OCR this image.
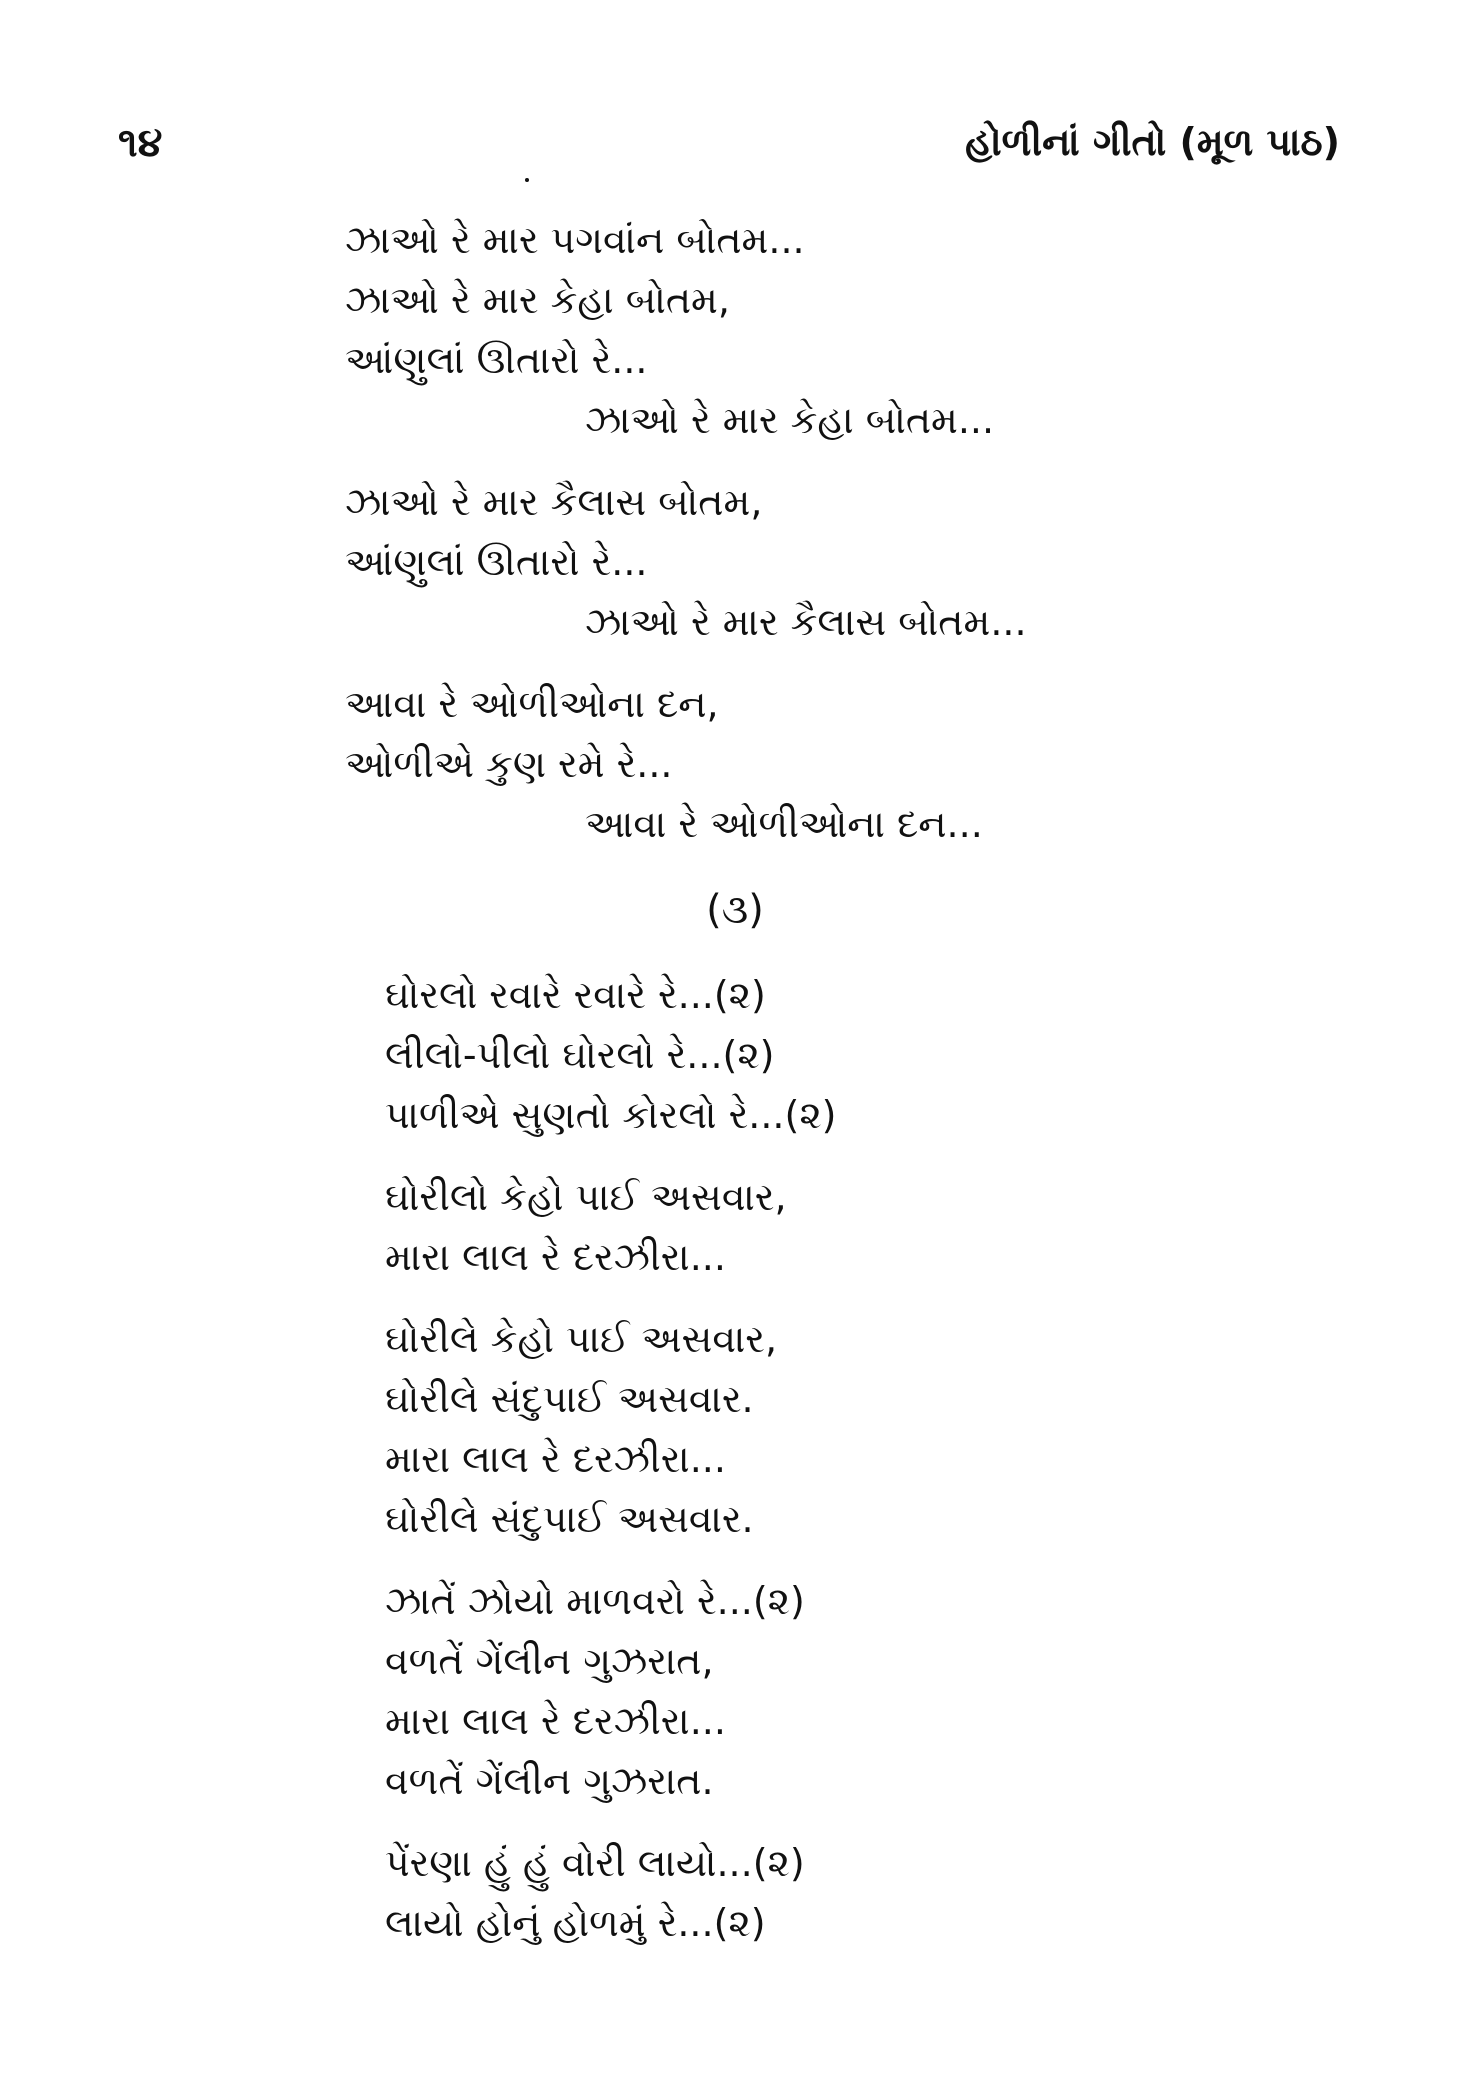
૧૪	હોળીનાં ગીતો (મૂળ પાઠ)
ઝાઓ રે માર પગવાંન બોતમ...
ઝાઓ રે માર કેહા બોતમ,
આંણુલાં ઊતારો રે...
ઝાઓ રે માર કેહા બોતમ...
ઝાઓ રે માર કૈલાસ બોતમ,
આંણુલાં ઊતારો રે...
ઝાઓ રે માર કૈલાસ બોતમ...
આવા રે ઓળીઓના દન,
ઓળીએ કુણ રમે રે...
આવા રે ઓળીઓના દન...
(૩)
ઘોરલો રવારે રવારે રે...(૨)
લીલો-પીલો ઘોરલો રે...(૨)
પાળીએ સુણતો કોરલો રે...(૨)
ઘોરીલો કેહો પાઈ અસવાર,
મારા લાલ રે દરઝીરા...
ઘોરીલે કેહો પાઈ અસવાર,
ઘોરીલે સંદુપાઈ અસવાર.
મારા લાલ રે દરઝીરા...
ઘોરીલે સંદુપાઈ અસવાર.
ઝાતેં ઝોયો માળવરો રે...(૨)
વળતેં ગેંલીન ગુઝરાત,
મારા લાલ રે દરઝીરા...
વળતેં ગેંલીન ગુઝરાત.
પેંરણા હું હું વોરી લાયો...(૨)
લાયો હોનું હોળમું રે...(૨)
